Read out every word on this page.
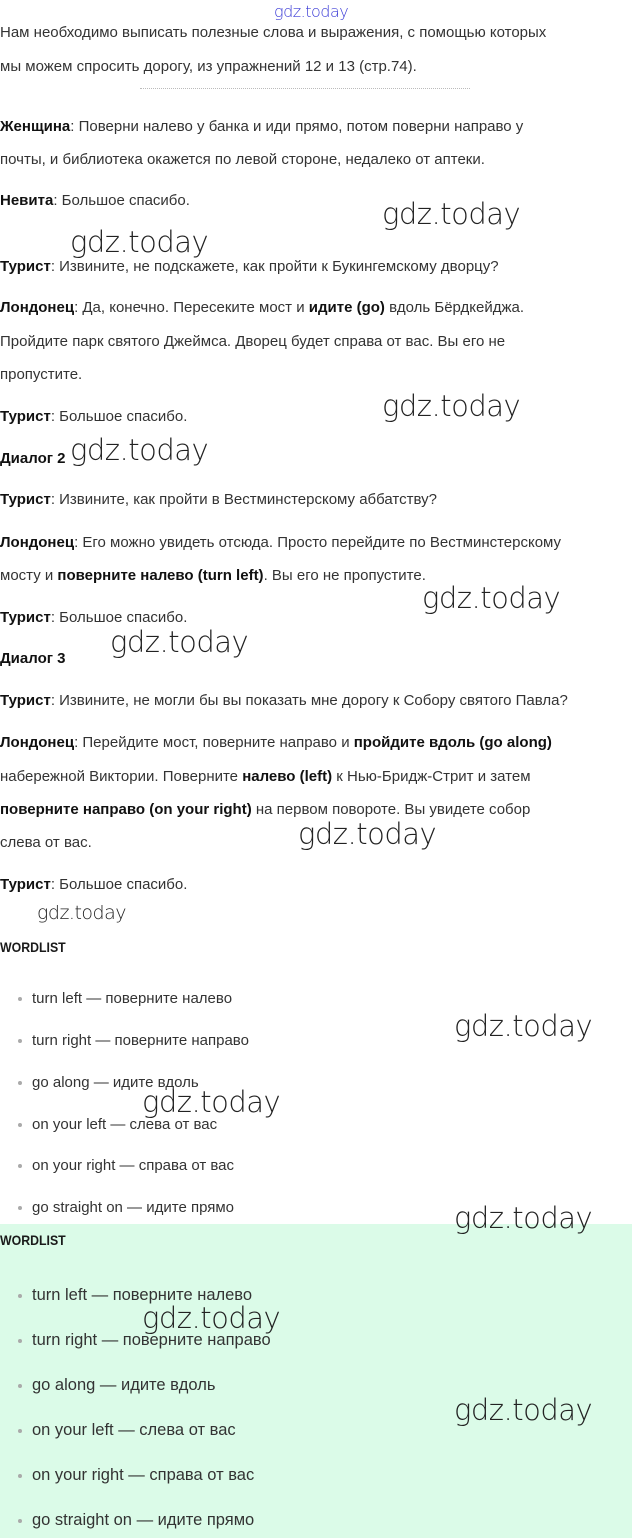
gdz.today
Нам необходимо выписать полезные слова и выражения, с помощью которых
мы можем спросить дорогу, из упражнений 12 и 13 (стр.74).
Женщина: Поверни налево у банка и иди прямо, потом поверни направо у
почты, и библиотека окажется по левой стороне, недалеко от аптеки.
Невита: Большое спасибо.
Турист: Извините, не подскажете, как пройти к Букингемскому дворцу?
Лондонец: Да, конечно. Пересеките мост и идите (go) вдоль Бёрдкейджа.
Пройдите парк святого Джеймса. Дворец будет справа от вас. Вы его не
пропустите.
Турист: Большое спасибо.
Диалог 2
Турист: Извините, как пройти в Вестминстерскому аббатству?
Лондонец: Его можно увидеть отсюда. Просто перейдите по Вестминстерскому
мосту и поверните налево (turn left). Вы его не пропустите.
Турист: Большое спасибо.
Диалог 3
Турист: Извините, не могли бы вы показать мне дорогу к Собору святого Павла?
Лондонец: Перейдите мост, поверните направо и пройдите вдоль (go along)
набережной Виктории. Поверните налево (left) к Нью-Бридж-Стрит и затем
поверните направо (on your right) на первом повороте. Вы увидете собор
слева от вас.
Турист: Большое спасибо.
WORDLIST
turn left — поверните налево
turn right — поверните направо
go along — идите вдоль
on your left — слева от вас
on your right — справа от вас
go straight on — идите прямо
WORDLIST
turn left — поверните налево
turn right — поверните направо
go along — идите вдоль
on your left — слева от вас
on your right — справа от вас
go straight on — идите прямо
gdz.today
gdz.today
gdz.today
gdz.today
gdz.today
gdz.today
gdz.today
gdz.today
gdz.today
gdz.today
gdz.today
gdz.today
gdz.today
